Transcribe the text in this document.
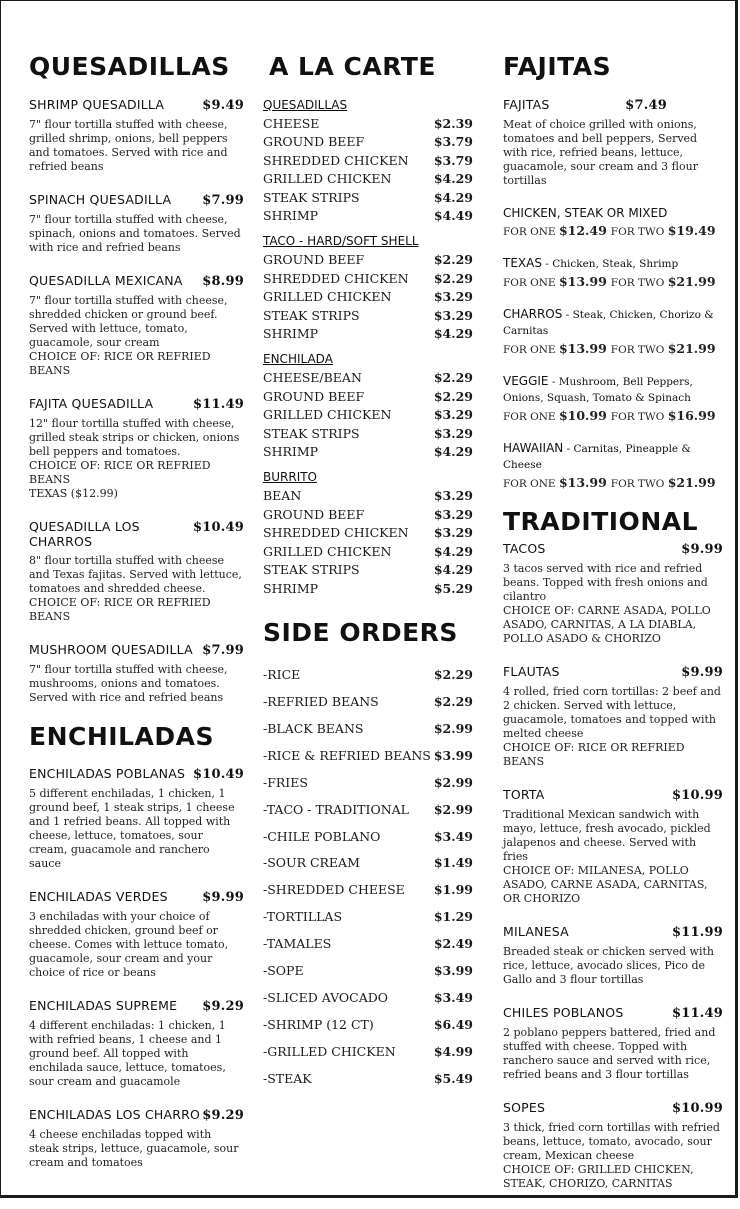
QUESADILLAS
SHRIMP QUESADILLA	$9.49
7" flour tortilla stuffed with cheese, grilled shrimp, onions, bell peppers and tomatoes. Served with rice and refried beans
SPINACH QUESADILLA $7.99
7" flour tortilla stuffed with cheese, spinach, onions and tomatoes. Served with rice and refried beans
QUESADILLA MEXICANA $8.99
7" flour tortilla stuffed with cheese, shredded chicken or ground beef. Served with lettuce, tomato, guacamole, sour cream
CHOICE OF: RICE OR REFRIED BEANS
FAJITA QUESADILLA	$11.49
12" flour tortilla stuffed with cheese, grilled steak strips or chicken, onions bell peppers and tomatoes.
CHOICE OF: RICE OR REFRIED BEANS
TEXAS ($12.99)
QUESADILLA LOS CHARROS
$10.49
8" flour tortilla stuffed with cheese and Texas fajitas. Served with lettuce, tomatoes and shredded cheese.
CHOICE OF: RICE OR REFRIED BEANS
MUSHROOM QUESADILLA $7.99
7" flour tortilla stuffed with cheese, mushrooms, onions and tomatoes. Served with rice and refried beans
ENCHILADAS
ENCHILADAS POBLANAS $10.49
5 different enchiladas, 1 chicken, 1 ground beef, 1 steak strips, 1 cheese and 1 refried beans. All topped with cheese, lettuce, tomatoes, sour cream, guacamole and ranchero sauce
ENCHILADAS VERDES	$9.99
3 enchiladas with your choice of shredded chicken, ground beef or cheese. Comes with lettuce tomato, guacamole, sour cream and your choice of rice or beans
ENCHILADAS SUPREME $9.29
4 different enchiladas: 1 chicken, 1 with refried beans, 1 cheese and 1 ground beef. All topped with enchilada sauce, lettuce, tomatoes, sour cream and guacamole
ENCHILADAS LOS CHARRO $9.29
4 cheese enchiladas topped with steak strips, lettuce, guacamole, sour cream and tomatoes
A LA CARTE
QUESADILLAS
CHEESE	$2.39
GROUND BEEF	$3.79
SHREDDED CHICKEN $3.79
GRILLED CHICKEN	$4.29
STEAK STRIPS	$4.29
SHRIMP	$4.49
TACO - HARD/SOFT SHELL
GROUND BEEF	$2.29
SHREDDED CHICKEN $2.29
GRILLED CHICKEN	$3.29
STEAK STRIPS	$3.29
SHRIMP	$4.29
ENCHILADA
CHEESE/BEAN	$2.29
GROUND BEEF	$2.29
GRILLED CHICKEN	$3.29
STEAK STRIPS	$3.29
SHRIMP	$4.29
BURRITO
BEAN	$3.29
GROUND BEEF	$3.29
SHREDDED CHICKEN $3.29
GRILLED CHICKEN	$4.29
STEAK STRIPS	$4.29
SHRIMP	$5.29
SIDE ORDERS
-RICE	$2.29
-REFRIED BEANS	$2.29
-BLACK BEANS	$2.99
-RICE & REFRIED BEANS $3.99
-FRIES	$2.99
-TACO - TRADITIONAL $2.99
-CHILE POBLANO	$3.49
-SOUR CREAM	$1.49
-SHREDDED CHEESE $1.99
-TORTILLAS	$1.29
-TAMALES	$2.49
-SOPE	$3.99
-SLICED AVOCADO	$3.49
-SHRIMP (12 CT)	$6.49
-GRILLED CHICKEN	$4.99
-STEAK	$5.49
FAJITAS
FAJITAS	$7.49
Meat of choice grilled with onions, tomatoes and bell peppers, Served with rice, refried beans, lettuce, guacamole, sour cream and 3 flour tortillas
CHICKEN, STEAK OR MIXED
FOR ONE $12.49 FOR TWO $19.49
TEXAS - Chicken, Steak, Shrimp
FOR ONE $13.99 FOR TWO $21.99
CHARROS - Steak, Chicken, Chorizo & Carnitas
FOR ONE $13.99 FOR TWO $21.99
VEGGIE - Mushroom, Bell Peppers, Onions, Squash, Tomato & Spinach
FOR ONE $10.99 FOR TWO $16.99
HAWAIIAN - Carnitas, Pineapple & Cheese
FOR ONE $13.99 FOR TWO $21.99
TRADITIONAL
TACOS	$9.99
3 tacos served with rice and refried beans. Topped with fresh onions and cilantro
CHOICE OF: CARNE ASADA, POLLO ASADO, CARNITAS, A LA DIABLA, POLLO ASADO & CHORIZO
FLAUTAS	$9.99
4 rolled, fried corn tortillas: 2 beef and 2 chicken. Served with lettuce, guacamole, tomatoes and topped with melted cheese
CHOICE OF: RICE OR REFRIED BEANS
TORTA	$10.99
Traditional Mexican sandwich with mayo, lettuce, fresh avocado, pickled jalapenos and cheese. Served with fries
CHOICE OF: MILANESA, POLLO ASADO, CARNE ASADA, CARNITAS, OR CHORIZO
MILANESA	$11.99
Breaded steak or chicken served with rice, lettuce, avocado slices, Pico de Gallo and 3 flour tortillas
CHILES POBLANOS	$11.49
2 poblano peppers battered, fried and stuffed with cheese. Topped with ranchero sauce and served with rice, refried beans and 3 flour tortillas
SOPES	$10.99
3 thick, fried corn tortillas with refried beans, lettuce, tomato, avocado, sour cream, Mexican cheese
CHOICE OF: GRILLED CHICKEN, STEAK, CHORIZO, CARNITAS
